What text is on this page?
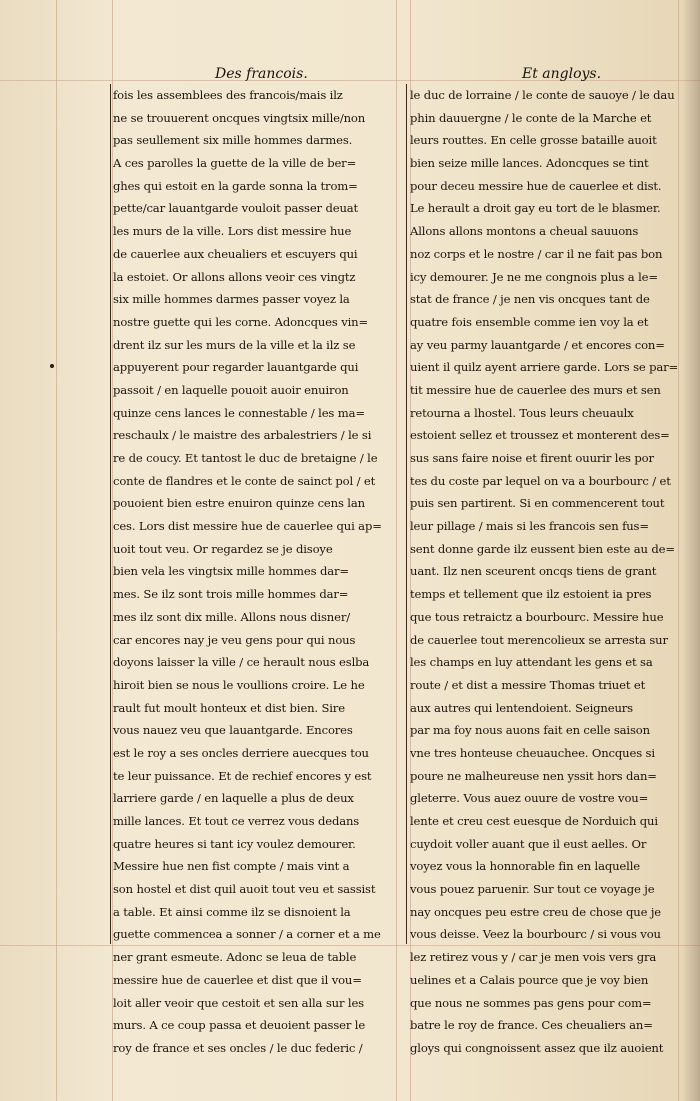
Des francois.	Et angloys.
fois les assemblees des francois/mais ilz
ne se trouuerent oncques vingtsix mille/non
pas seullement six mille hommes darmes.
A ces parolles la guette de la ville de ber=
ghes qui estoit en la garde sonna la trom=
pette/car lauantgarde vouloit passer deuat
les murs de la ville. Lors dist messire hue
de cauerlee aux cheualiers et escuyers qui
la estoiet. Or allons allons veoir ces vingtz
six mille hommes darmes passer voyez la
nostre guette qui les corne. Adoncques vin=
drent ilz sur les murs de la ville et la ilz se
appuyerent pour regarder lauantgarde qui
passoit / en laquelle pouoit auoir enuiron
quinze cens lances le connestable / les ma=
reschaulx / le maistre des arbalestriers / le si
re de coucy. Et tantost le duc de bretaigne / le
conte de flandres et le conte de sainct pol / et
pouoient bien estre enuiron quinze cens lan
ces. Lors dist messire hue de cauerlee qui ap=
uoit tout veu. Or regardez se je disoye
bien vela les vingtsix mille hommes dar=
mes. Se ilz sont trois mille hommes dar=
mes ilz sont dix mille. Allons nous disner/
car encores nay je veu gens pour qui nous
doyons laisser la ville / ce herault nous eslba
hiroit bien se nous le voullions croire. Le he
rault fut moult honteux et dist bien. Sire
vous nauez veu que lauantgarde. Encores
est le roy a ses oncles derriere auecques tou
te leur puissance. Et de rechief encores y est
larriere garde / en laquelle a plus de deux
mille lances. Et tout ce verrez vous dedans
quatre heures si tant icy voulez demourer.
Messire hue nen fist compte / mais vint a
son hostel et dist quil auoit tout veu et sassist
a table. Et ainsi comme ilz se disnoient la
guette commencea a sonner / a corner et a me
ner grant esmeute. Adonc se leua de table
messire hue de cauerlee et dist que il vou=
loit aller veoir que cestoit et sen alla sur les
murs. A ce coup passa et deuoient passer le
roy de france et ses oncles / le duc federic /
le duc de lorraine / le conte de sauoye / le dau
phin dauuergne / le conte de la Marche et
leurs routtes. En celle grosse bataille auoit
bien seize mille lances. Adoncques se tint
pour deceu messire hue de cauerlee et dist.
Le herault a droit gay eu tort de le blasmer.
Allons allons montons a cheual sauuons
noz corps et le nostre / car il ne fait pas bon
icy demourer. Je ne me congnois plus a le=
stat de france / je nen vis oncques tant de
quatre fois ensemble comme ien voy la et
ay veu parmy lauantgarde / et encores con=
uient il quilz ayent arriere garde. Lors se par=
tit messire hue de cauerlee des murs et sen
retourna a lhostel. Tous leurs cheuaulx
estoient sellez et troussez et monterent des=
sus sans faire noise et firent ouurir les por
tes du coste par lequel on va a bourbourc / et
puis sen partirent. Si en commencerent tout
leur pillage / mais si les francois sen fus=
sent donne garde ilz eussent bien este au de=
uant. Ilz nen sceurent oncqs tiens de grant
temps et tellement que ilz estoient ia pres
que tous retraictz a bourbourc. Messire hue
de cauerlee tout merencolieux se arresta sur
les champs en luy attendant les gens et sa
route / et dist a messire Thomas triuet et
aux autres qui lentendoient. Seigneurs
par ma foy nous auons fait en celle saison
vne tres honteuse cheuauchee. Oncques si
poure ne malheureuse nen yssit hors dan=
gleterre. Vous auez ouure de vostre vou=
lente et creu cest euesque de Norduich qui
cuydoit voller auant que il eust aelles. Or
voyez vous la honnorable fin en laquelle
vous pouez paruenir. Sur tout ce voyage je
nay oncques peu estre creu de chose que je
vous deisse. Veez la bourbourc / si vous vou
lez retirez vous y / car je men vois vers gra
uelines et a Calais pource que je voy bien
que nous ne sommes pas gens pour com=
batre le roy de france. Ces cheualiers an=
gloys qui congnoissent assez que ilz auoient
